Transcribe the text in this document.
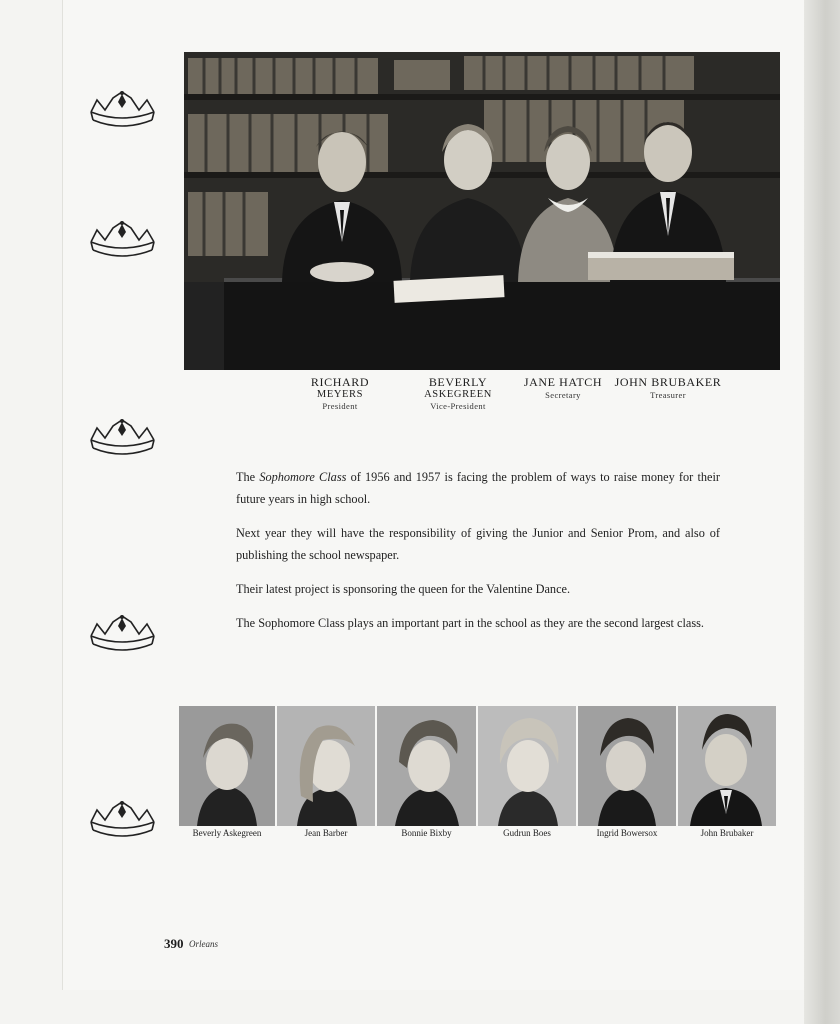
RICHARD
MEYERS
President
BEVERLY
ASKEGREEN
Vice-President
JANE HATCH
Secretary
JOHN BRUBAKER
Treasurer

The Sophomore Class of 1956 and 1957 is facing the problem of ways to raise money for their future years in high school.

Next year they will have the responsibility of giving the Junior and Senior Prom, and also of publishing the school newspaper.

Their latest project is sponsoring the queen for the Valentine Dance.

The Sophomore Class plays an important part in the school as they are the second largest class.

Beverly Askegreen	Jean Barber	Bonnie Bixby	Gudrun Boes	Ingrid Bowersox	John Brubaker
390 Orleans
